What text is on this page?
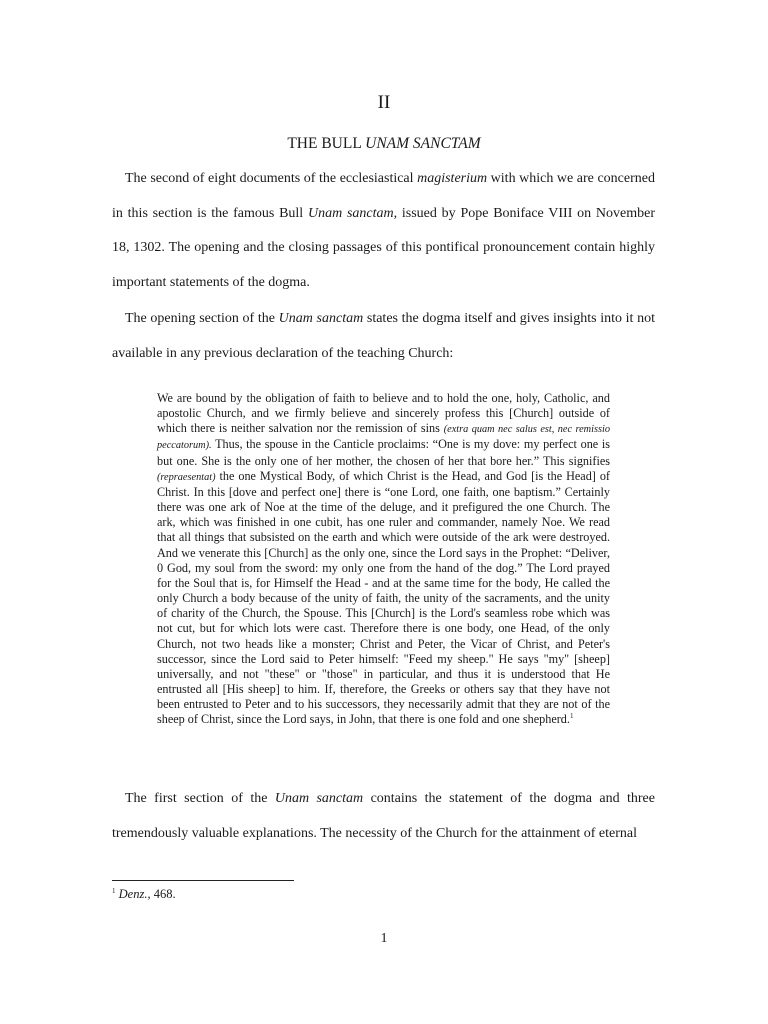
II
THE BULL UNAM SANCTAM

The second of eight documents of the ecclesiastical magisterium with which we are concerned in this section is the famous Bull Unam sanctam, issued by Pope Boniface VIII on November 18, 1302. The opening and the closing passages of this pontifical pronouncement contain highly important statements of the dogma.

The opening section of the Unam sanctam states the dogma itself and gives insights into it not available in any previous declaration of the teaching Church:

We are bound by the obligation of faith to believe and to hold the one, holy, Catholic, and apostolic Church, and we firmly believe and sincerely profess this [Church] outside of which there is neither salvation nor the remission of sins (extra quam nec salus est, nec remissio peccatorum). Thus, the spouse in the Canticle proclaims: “One is my dove: my perfect one is but one. She is the only one of her mother, the chosen of her that bore her.” This signifies (repraesentat) the one Mystical Body, of which Christ is the Head, and God [is the Head] of Christ. In this [dove and perfect one] there is “one Lord, one faith, one baptism.” Certainly there was one ark of Noe at the time of the deluge, and it prefigured the one Church. The ark, which was finished in one cubit, has one ruler and commander, namely Noe. We read that all things that subsisted on the earth and which were outside of the ark were destroyed. And we venerate this [Church] as the only one, since the Lord says in the Prophet: “Deliver, 0 God, my soul from the sword: my only one from the hand of the dog.” The Lord prayed for the Soul that is, for Himself the Head - and at the same time for the body, He called the only Church a body because of the unity of faith, the unity of the sacraments, and the unity of charity of the Church, the Spouse. This [Church] is the Lord's seamless robe which was not cut, but for which lots were cast. Therefore there is one body, one Head, of the only Church, not two heads like a monster; Christ and Peter, the Vicar of Christ, and Peter's successor, since the Lord said to Peter himself: "Feed my sheep." He says "my" [sheep] universally, and not "these" or "those" in particular, and thus it is understood that He entrusted all [His sheep] to him. If, therefore, the Greeks or others say that they have not been entrusted to Peter and to his successors, they necessarily admit that they are not of the sheep of Christ, since the Lord says, in John, that there is one fold and one shepherd.$^1$

The first section of the Unam sanctam contains the statement of the dogma and three tremendously valuable explanations. The necessity of the Church for the attainment of eternal

$^1$ Denz., 468.
1
